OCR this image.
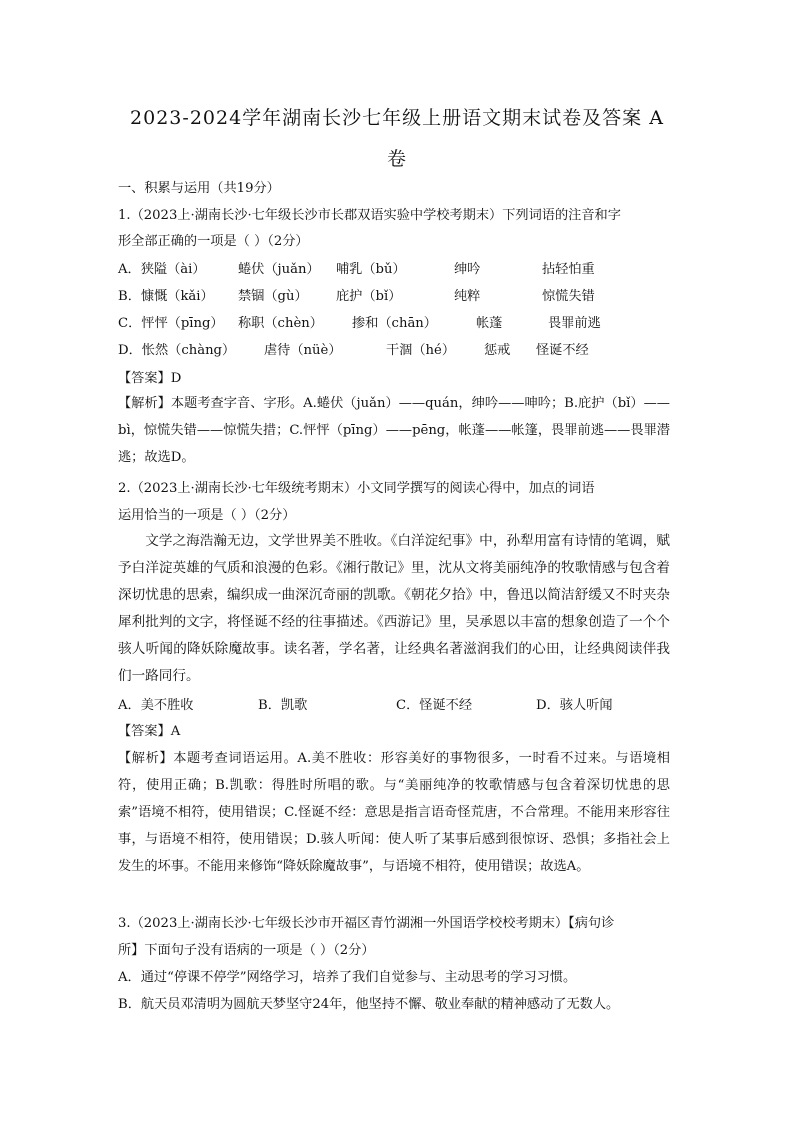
2023-2024学年湖南长沙七年级上册语文期末试卷及答案 A
卷
一、积累与运用（共19分）
1.（2023上·湖南长沙·七年级长沙市长郡双语实验中学校考期末）下列词语的注音和字
形全部正确的一项是（ ）（2分）
A．狭隘（ài） 蜷伏（juǎn） 哺乳（bǔ）	绅吟	拈轻怕重
B．慷慨（kǎi） 禁锢（gù） 庇护（bǐ）	纯粹	惊慌失错
C．怦怦（pīng） 称职（chèn） 掺和（chān）	帐蓬	畏罪前逃
D．怅然（chàng） 虐待（nüè）	干涸（hé） 惩戒 怪诞不经
【答案】D
【解析】本题考查字音、字形。A.蜷伏（juǎn）——quán，绅吟——呻吟；B.庇护（bǐ）——bì，惊慌失错——惊慌失措；C.怦怦（pīng）——pēng，帐蓬——帐篷，畏罪前逃——畏罪潜逃；故选D。
2.（2023上·湖南长沙·七年级统考期末）小文同学撰写的阅读心得中，加点的词语
运用恰当的一项是（ ）（2分）
文学之海浩瀚无边，文学世界美不胜收。《白洋淀纪事》中，孙犁用富有诗情的笔调，赋予白洋淀英雄的气质和浪漫的色彩。《湘行散记》里，沈从文将美丽纯净的牧歌情感与包含着深切忧患的思索，编织成一曲深沉奇丽的凯歌。《朝花夕拾》中，鲁迅以简洁舒缓又不时夹杂犀利批判的文字，将怪诞不经的往事描述。《西游记》里，吴承恩以丰富的想象创造了一个个骇人听闻的降妖除魔故事。读名著，学名著，让经典名著滋润我们的心田，让经典阅读伴我们一路同行。
A．美不胜收	B．凯歌	C．怪诞不经	D．骇人听闻
【答案】A
【解析】本题考查词语运用。A.美不胜收：形容美好的事物很多，一时看不过来。与语境相符，使用正确；B.凯歌：得胜时所唱的歌。与“美丽纯净的牧歌情感与包含着深切忧患的思索”语境不相符，使用错误；C.怪诞不经：意思是指言语奇怪荒唐，不合常理。不能用来形容往事，与语境不相符，使用错误；D.骇人听闻：使人听了某事后感到很惊讶、恐惧；多指社会上发生的坏事。不能用来修饰“降妖除魔故事”，与语境不相符，使用错误；故选A。
3.（2023上·湖南长沙·七年级长沙市开福区青竹湖湘一外国语学校校考期末）【病句诊
所】下面句子没有语病的一项是（ ）（2分）
A．通过“停课不停学”网络学习，培养了我们自觉参与、主动思考的学习习惯。
B．航天员邓清明为圆航天梦坚守24年，他坚持不懈、敬业奉献的精神感动了无数人。
